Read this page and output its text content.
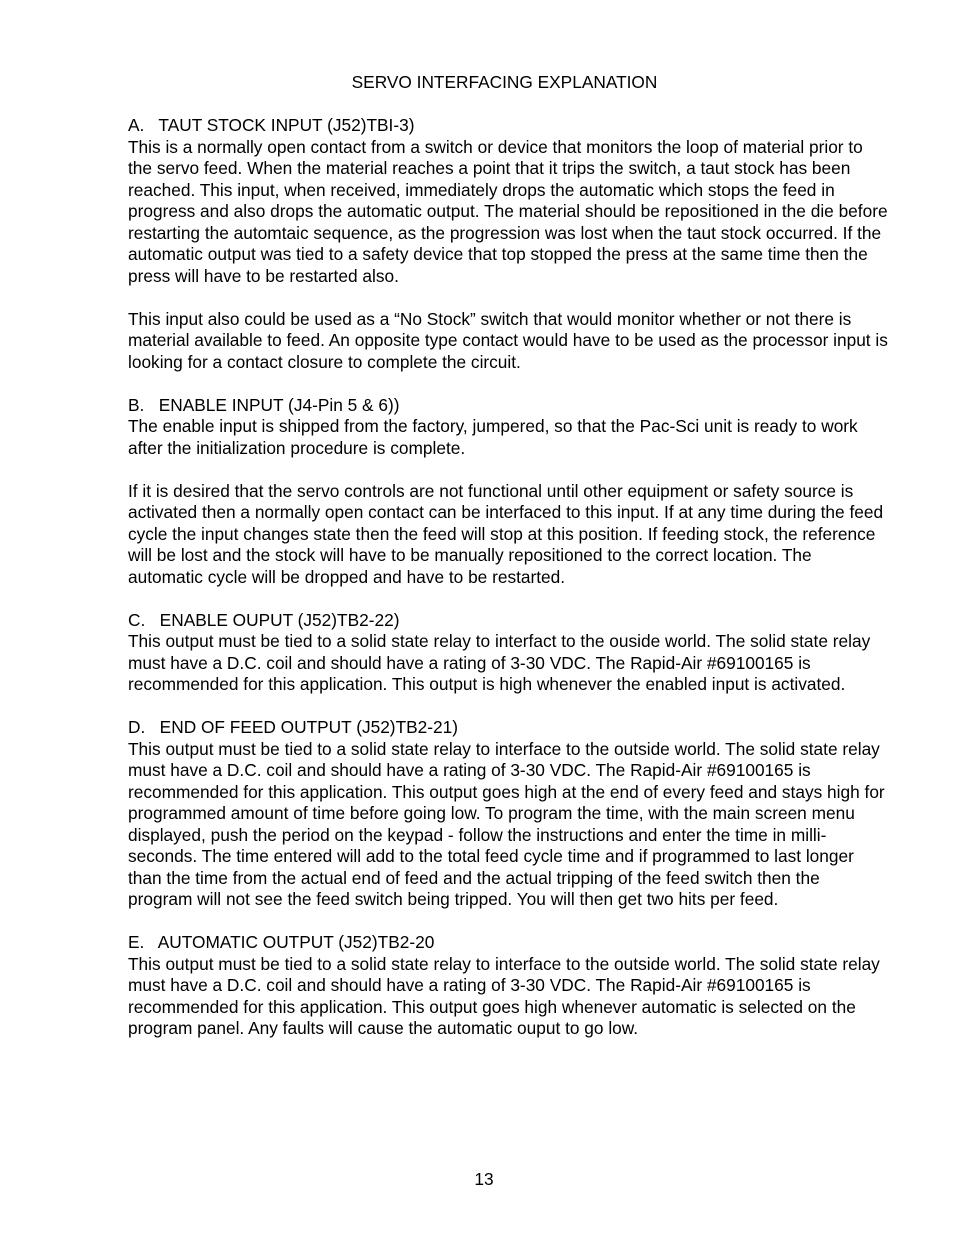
SERVO INTERFACING EXPLANATION

A.   TAUT STOCK INPUT (J52)TBI-3)

This is a normally open contact from a switch or device that monitors the loop of material prior to the servo feed. When the material reaches a point that it trips the switch, a taut stock has been reached. This input, when received, immediately drops the automatic which stops the feed in progress and also drops the automatic output. The material should be repositioned in the die before restarting the automtaic sequence, as the progression was lost when the taut stock occurred. If the automatic output was tied to a safety device that top stopped the press at the same time then the press will have to be restarted also.

This input also could be used as a “No Stock” switch that would monitor whether or not there is material available to feed. An opposite type contact would have to be used as the processor input is looking for a contact closure to complete the circuit.

B.   ENABLE INPUT (J4-Pin 5 & 6))

The enable input is shipped from the factory, jumpered, so that the Pac-Sci unit is ready to work after the initialization procedure is complete.

If it is desired that the servo controls are not functional until other equipment or safety source is activated then a normally open contact can be interfaced to this input. If at any time during the feed cycle the input changes state then the feed will stop at this position. If feeding stock, the reference will be lost and the stock will have to be manually repositioned to the correct location. The automatic cycle will be dropped and have to be restarted.

C.   ENABLE OUPUT (J52)TB2-22)

This output must be tied to a solid state relay to interfact to the ouside world. The solid state relay must have a D.C. coil and should have a rating of 3-30 VDC. The Rapid-Air #69100165 is recommended for this application. This output is high whenever the enabled input is activated.

D.   END OF FEED OUTPUT (J52)TB2-21)

This output must be tied to a solid state relay to interface to the outside world. The solid state relay must have a D.C. coil and should have a rating of 3-30 VDC. The Rapid-Air #69100165 is recommended for this application. This output goes high at the end of every feed and stays high for programmed amount of time before going low. To program the time, with the main screen menu displayed, push the period on the keypad - follow the instructions and enter the time in milli-seconds. The time entered will add to the total feed cycle time and if programmed to last longer than the time from the actual end of feed and the actual tripping of the feed switch then the program will not see the feed switch being tripped. You will then get two hits per feed.

E.   AUTOMATIC OUTPUT (J52)TB2-20

This output must be tied to a solid state relay to interface to the outside world. The solid state relay must have a D.C. coil and should have a rating of 3-30 VDC. The Rapid-Air #69100165 is recommended for this application. This output goes high whenever automatic is selected on the program panel. Any faults will cause the automatic ouput to go low.

13
